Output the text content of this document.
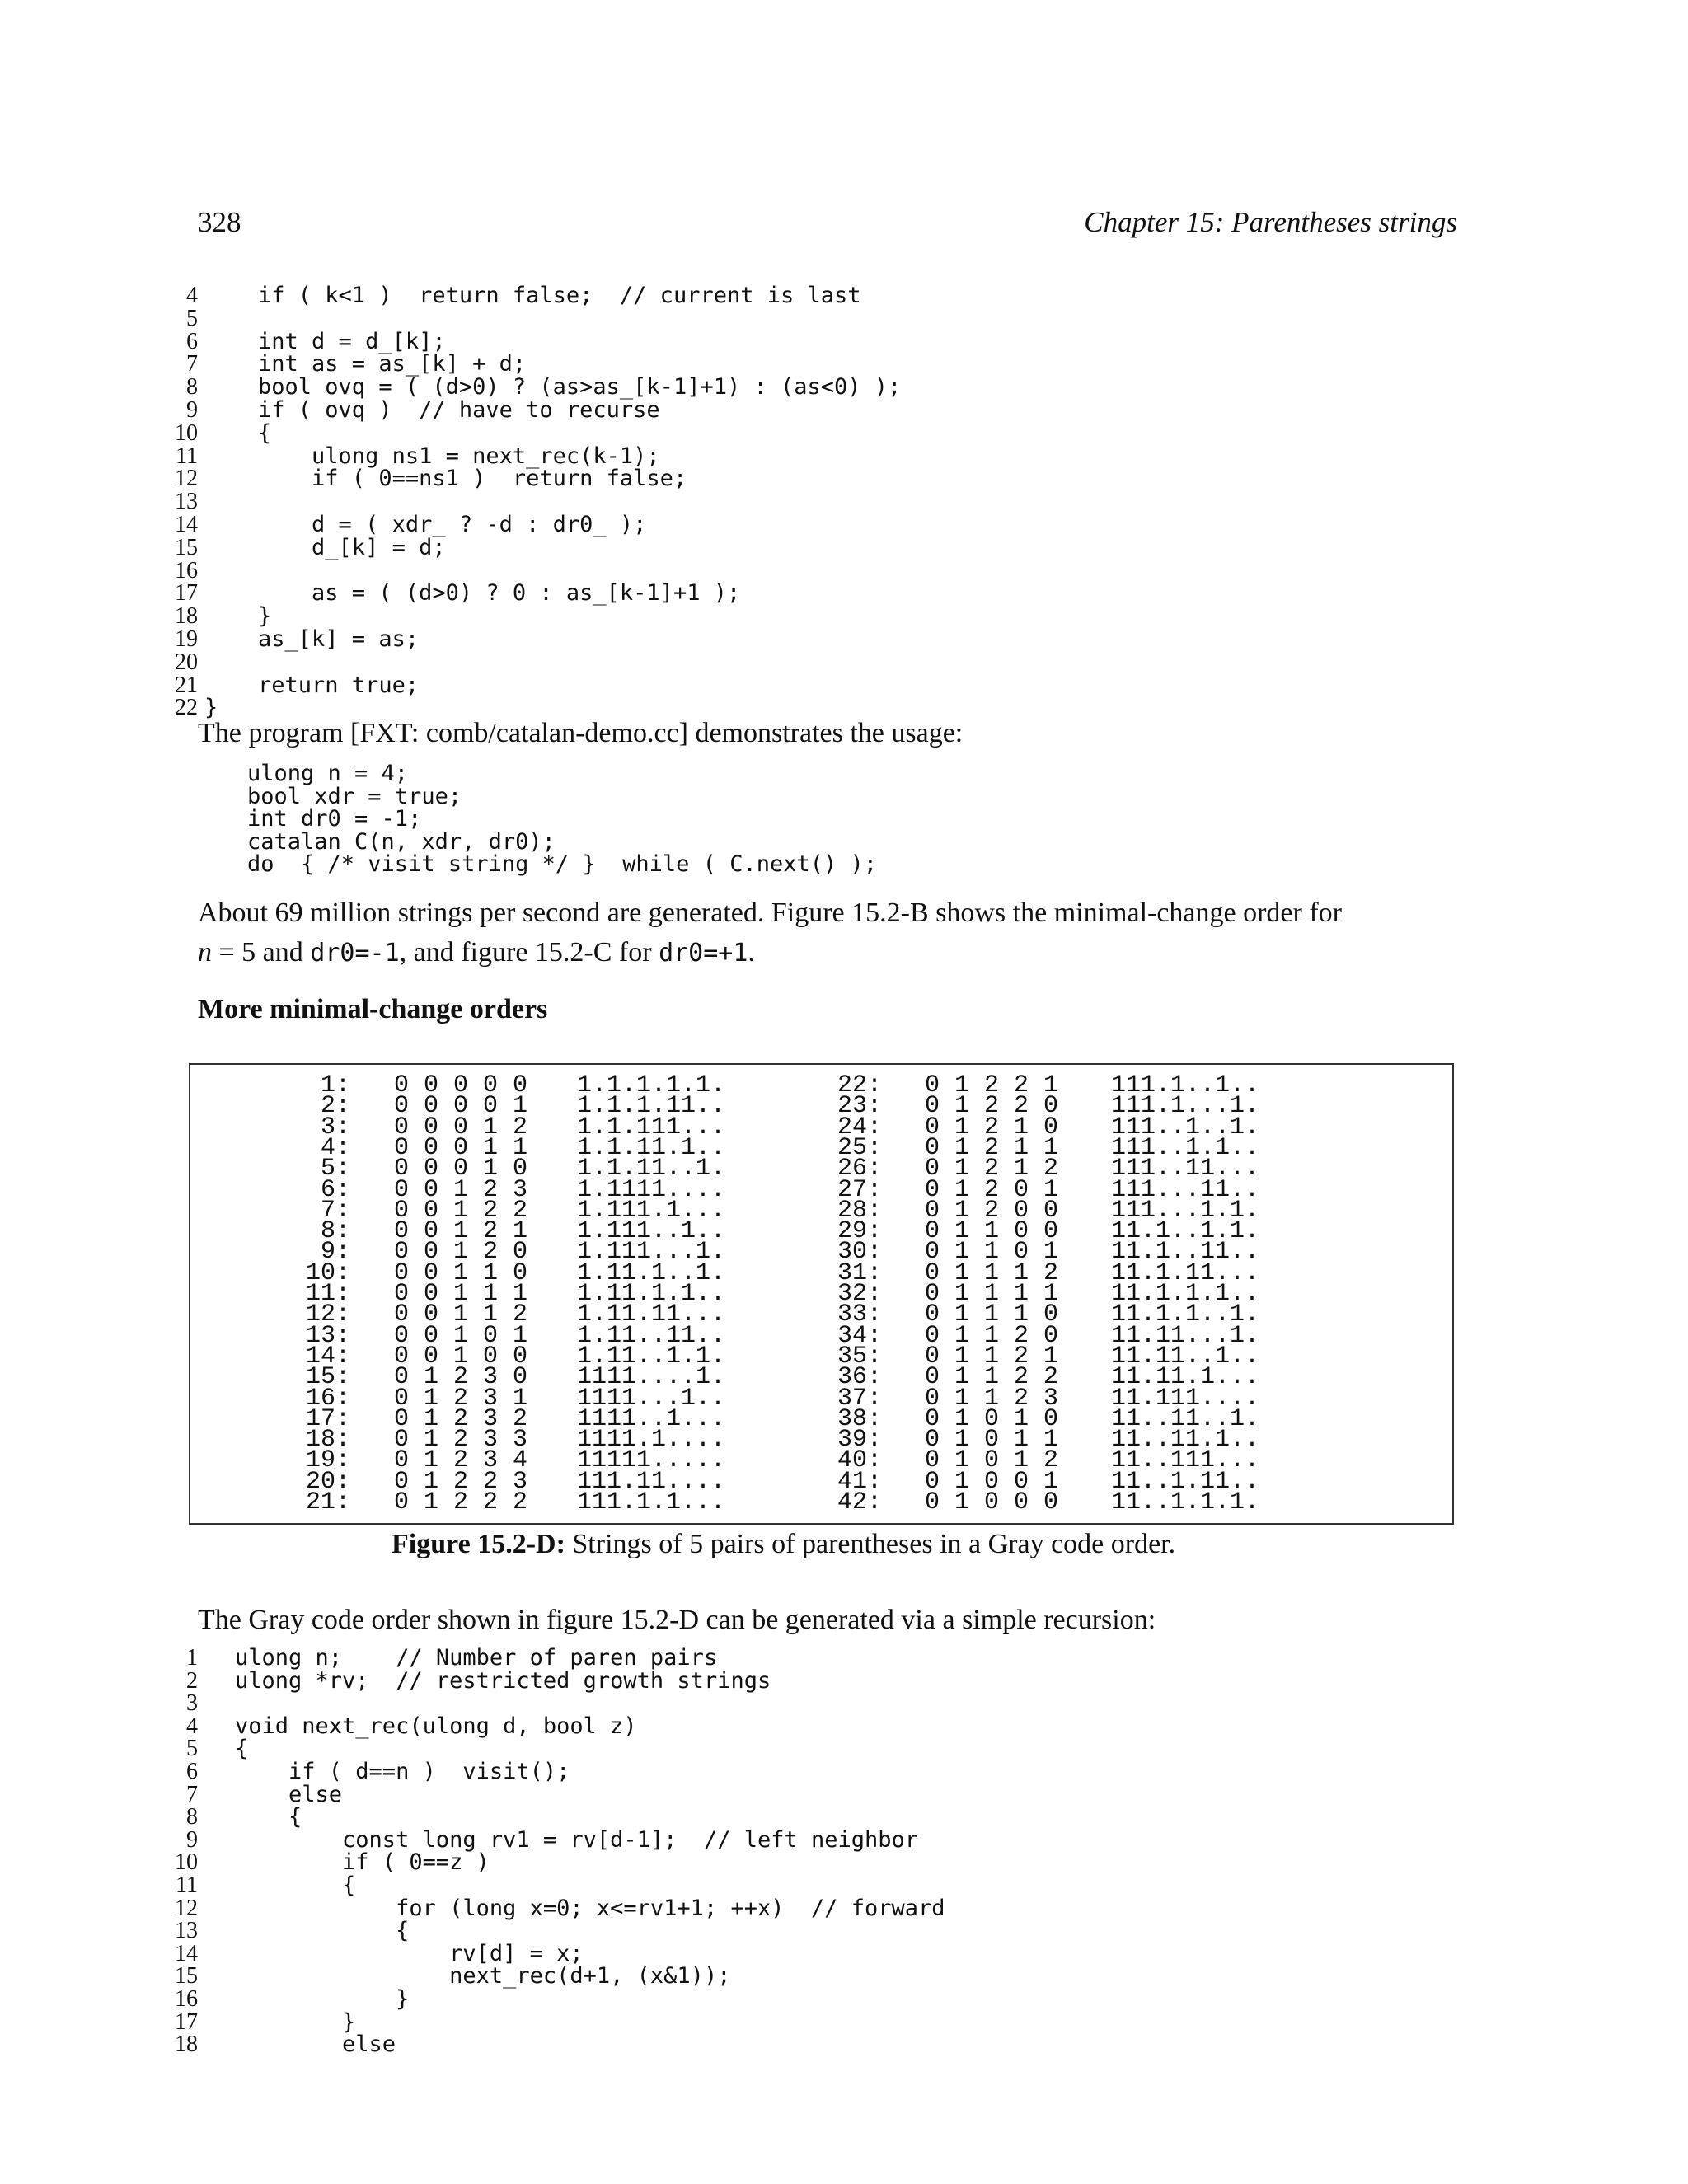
328	Chapter 15: Parentheses strings
4 if ( k<1 )  return false;  // current is last
5
6 int d = d_[k];
7 int as = as_[k] + d;
8 bool ovq = ( (d>0) ? (as>as_[k-1]+1) : (as<0) );
9 if ( ovq )  // have to recurse
10 {
11 ulong ns1 = next_rec(k-1);
12 if ( 0==ns1 )  return false;
13
14 d = ( xdr_ ? -d : dr0_ );
15 d_[k] = d;
16
17 as = ( (d>0) ? 0 : as_[k-1]+1 );
18 }
19 as_[k] = as;
20
21 return true;
22 }
The program [FXT: comb/catalan-demo.cc] demonstrates the usage:
ulong n = 4;
bool xdr = true;
int dr0 = -1;
catalan C(n, xdr, dr0);
do  { /* visit string */ }  while ( C.next() );
About 69 million strings per second are generated. Figure 15.2-B shows the minimal-change order for
n = 5 and dr0=-1, and figure 15.2-C for dr0=+1.
More minimal-change orders
1: 0 0 0 0 0 1.1.1.1.1.
2: 0 0 0 0 1 1.1.1.11..
3: 0 0 0 1 2 1.1.111...
4: 0 0 0 1 1 1.1.11.1..
5: 0 0 0 1 0 1.1.11..1.
6: 0 0 1 2 3 1.1111....
7: 0 0 1 2 2 1.111.1...
8: 0 0 1 2 1 1.111..1..
9: 0 0 1 2 0 1.111...1.
10: 0 0 1 1 0 1.11.1..1.
11: 0 0 1 1 1 1.11.1.1..
12: 0 0 1 1 2 1.11.11...
13: 0 0 1 0 1 1.11..11..
14: 0 0 1 0 0 1.11..1.1.
15: 0 1 2 3 0 1111....1.
16: 0 1 2 3 1 1111...1..
17: 0 1 2 3 2 1111..1...
18: 0 1 2 3 3 1111.1....
19: 0 1 2 3 4 11111.....
20: 0 1 2 2 3 111.11....
21: 0 1 2 2 2 111.1.1...
22: 0 1 2 2 1 111.1..1..
23: 0 1 2 2 0 111.1...1.
24: 0 1 2 1 0 111..1..1.
25: 0 1 2 1 1 111..1.1..
26: 0 1 2 1 2 111..11...
27: 0 1 2 0 1 111...11..
28: 0 1 2 0 0 111...1.1.
29: 0 1 1 0 0 11.1..1.1.
30: 0 1 1 0 1 11.1..11..
31: 0 1 1 1 2 11.1.11...
32: 0 1 1 1 1 11.1.1.1..
33: 0 1 1 1 0 11.1.1..1.
34: 0 1 1 2 0 11.11...1.
35: 0 1 1 2 1 11.11..1..
36: 0 1 1 2 2 11.11.1...
37: 0 1 1 2 3 11.111....
38: 0 1 0 1 0 11..11..1.
39: 0 1 0 1 1 11..11.1..
40: 0 1 0 1 2 11..111...
41: 0 1 0 0 1 11..1.11..
42: 0 1 0 0 0 11..1.1.1.
Figure 15.2-D: Strings of 5 pairs of parentheses in a Gray code order.
The Gray code order shown in figure 15.2-D can be generated via a simple recursion:
1 ulong n;    // Number of paren pairs
2 ulong *rv;  // restricted growth strings
3
4 void next_rec(ulong d, bool z)
5 {
6 if ( d==n )  visit();
7 else
8 {
9 const long rv1 = rv[d-1];  // left neighbor
10 if ( 0==z )
11 {
12 for (long x=0; x<=rv1+1; ++x)  // forward
13 {
14 rv[d] = x;
15 next_rec(d+1, (x&1));
16 }
17 }
18 else
